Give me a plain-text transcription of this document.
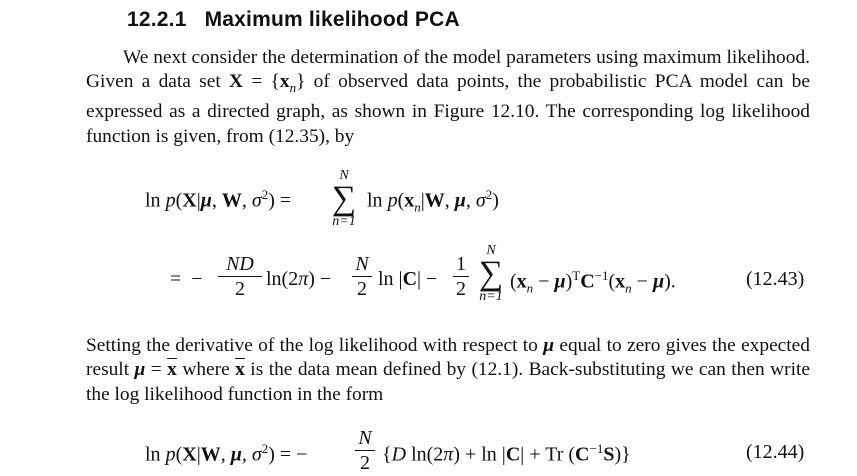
12.2.1 Maximum likelihood PCA
We next consider the determination of the model parameters using maximum likelihood. Given a data set $X = \{x_n\}$ of observed data points, the probabilistic PCA model can be expressed as a directed graph, as shown in Figure 12.10. The corresponding log likelihood function is given, from (12.35), by
ln p(X|μ, W, $\sigma^2$) =
N
∑
n=1
$\ln p(x_n|W$, μ, $\sigma^2$)
=  −
ND
2	ln(2π) −
N
2 ln |C| −
1
2
N
∑
n=1
$(x_n - \mu)^TC^{-1}(x_n - \mu)$.	(12.43)
Setting the derivative of the log likelihood with respect to μ equal to zero gives the expected result $\mu = \overline{x}$ where $\overline{x}$ is the data mean defined by (12.1). Back-substituting we can then write the log likelihood function in the form
ln p(X|W, μ, $\sigma^2$) = −
N
2 {D ln(2π) + ln |C| + Tr $(C^{-1}S)$}	(12.44)
